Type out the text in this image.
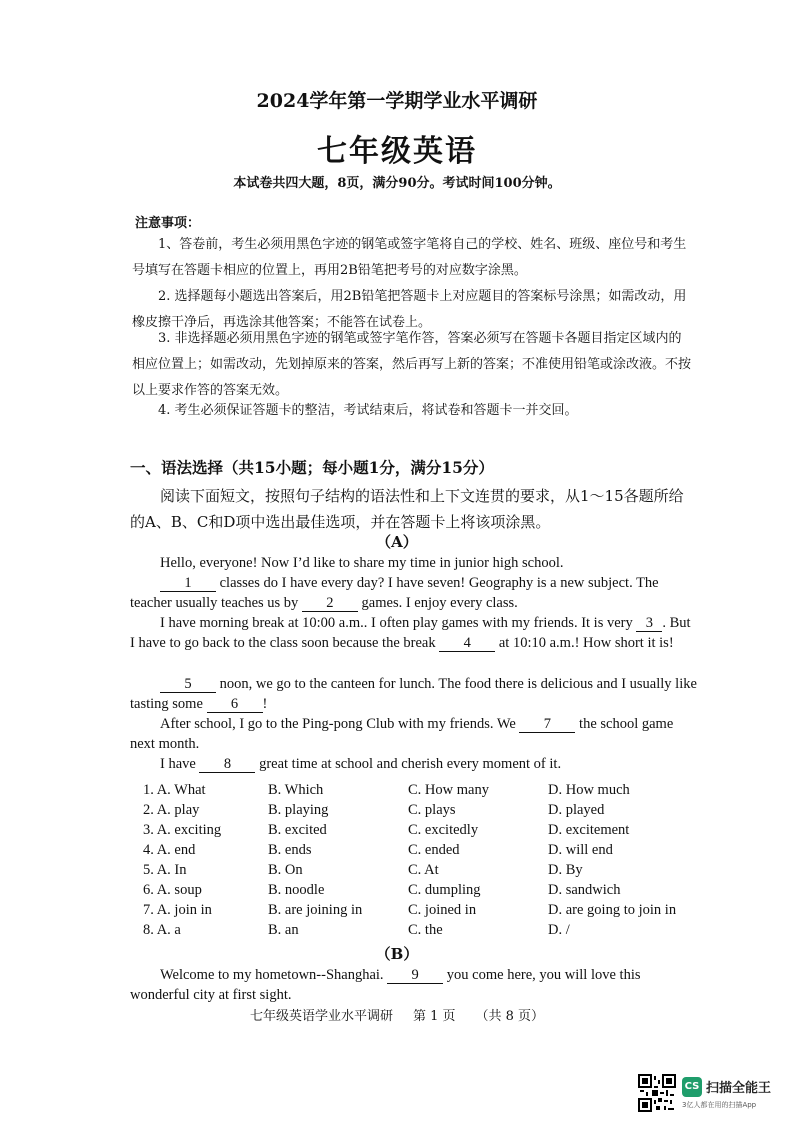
2024学年第一学期学业水平调研
七年级英语
本试卷共四大题，8页，满分90分。考试时间100分钟。
注意事项：
1、答卷前，考生必须用黑色字迹的钢笔或签字笔将自己的学校、姓名、班级、座位号和考生号填写在答题卡相应的位置上，再用2B铅笔把考号的对应数字涂黑。
2. 选择题每小题选出答案后，用2B铅笔把答题卡上对应题目的答案标号涂黑；如需改动，用橡皮擦干净后，再选涂其他答案；不能答在试卷上。
3. 非选择题必须用黑色字迹的钢笔或签字笔作答，答案必须写在答题卡各题目指定区域内的相应位置上；如需改动，先划掉原来的答案，然后再写上新的答案；不准使用铅笔或涂改液。不按以上要求作答的答案无效。
4. 考生必须保证答题卡的整洁，考试结束后，将试卷和答题卡一并交回。
一、语法选择（共15小题；每小题1分，满分15分）
阅读下面短文，按照句子结构的语法性和上下文连贯的要求，从1～15各题所给的A、B、C和D项中选出最佳选项，并在答题卡上将该项涂黑。
（A）
Hello, everyone! Now I’d like to share my time in junior high school.
1 classes do I have every day? I have seven! Geography is a new subject. The teacher usually teaches us by 2 games. I enjoy every class.
I have morning break at 10:00 a.m.. I often play games with my friends. It is very 3 . But I have to go back to the class soon because the break 4 at 10:10 a.m.! How short it is!
5 noon, we go to the canteen for lunch. The food there is delicious and I usually like tasting some 6 !
After school, I go to the Ping-pong Club with my friends. We 7 the school game next month.
I have 8 great time at school and cherish every moment of it.
1. A. What	B. Which	C. How many	D. How much
2. A. play	B. playing	C. plays	D. played
3. A. exciting	B. excited	C. excitedly	D. excitement
4. A. end	B. ends	C. ended	D. will end
5. A. In	B. On	C. At	D. By
6. A. soup	B. noodle	C. dumpling	D. sandwich
7. A. join in	B. are joining in	C. joined in	D. are going to join in
8. A. a	B. an	C. the	D. /
（B）
Welcome to my hometown--Shanghai. 9 you come here, you will love this wonderful city at first sight.
七年级英语学业水平调研 第 1 页 （共 8 页）
CS 扫描全能王
3亿人都在用的扫描App
